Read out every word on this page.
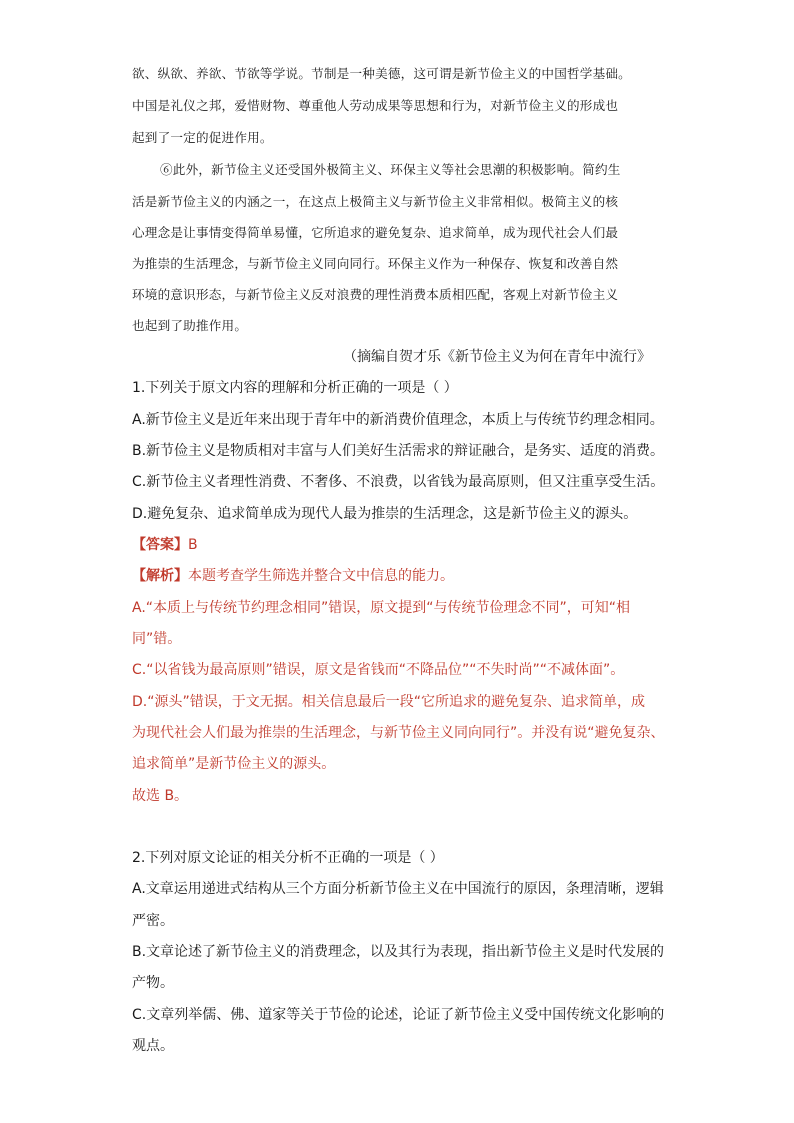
欲、纵欲、养欲、节欲等学说。节制是一种美德，这可谓是新节俭主义的中国哲学基础。
中国是礼仪之邦，爱惜财物、尊重他人劳动成果等思想和行为，对新节俭主义的形成也
起到了一定的促进作用。
⑥此外，新节俭主义还受国外极简主义、环保主义等社会思潮的积极影响。简约生
活是新节俭主义的内涵之一，在这点上极简主义与新节俭主义非常相似。极简主义的核
心理念是让事情变得简单易懂，它所追求的避免复杂、追求简单，成为现代社会人们最
为推崇的生活理念，与新节俭主义同向同行。环保主义作为一种保存、恢复和改善自然
环境的意识形态，与新节俭主义反对浪费的理性消费本质相匹配，客观上对新节俭主义
也起到了助推作用。
（摘编自贺才乐《新节俭主义为何在青年中流行》
1.下列关于原文内容的理解和分析正确的一项是（ ）
A.新节俭主义是近年来出现于青年中的新消费价值理念，本质上与传统节约理念相同。
B.新节俭主义是物质相对丰富与人们美好生活需求的辩证融合，是务实、适度的消费。
C.新节俭主义者理性消费、不奢侈、不浪费，以省钱为最高原则，但又注重享受生活。
D.避免复杂、追求简单成为现代人最为推崇的生活理念，这是新节俭主义的源头。
【答案】B
【解析】本题考查学生筛选并整合文中信息的能力。
A.“本质上与传统节约理念相同”错误，原文提到“与传统节俭理念不同”，可知“相
同”错。
C.“以省钱为最高原则”错误，原文是省钱而“不降品位”“不失时尚”“不减体面”。
D.“源头”错误，于文无据。相关信息最后一段“它所追求的避免复杂、追求简单，成
为现代社会人们最为推崇的生活理念，与新节俭主义同向同行”。并没有说“避免复杂、
追求简单”是新节俭主义的源头。
故选 B。
2.下列对原文论证的相关分析不正确的一项是（ ）
A.文章运用递进式结构从三个方面分析新节俭主义在中国流行的原因，条理清晰，逻辑
严密。
B.文章论述了新节俭主义的消费理念，以及其行为表现，指出新节俭主义是时代发展的
产物。
C.文章列举儒、佛、道家等关于节俭的论述，论证了新节俭主义受中国传统文化影响的
观点。
